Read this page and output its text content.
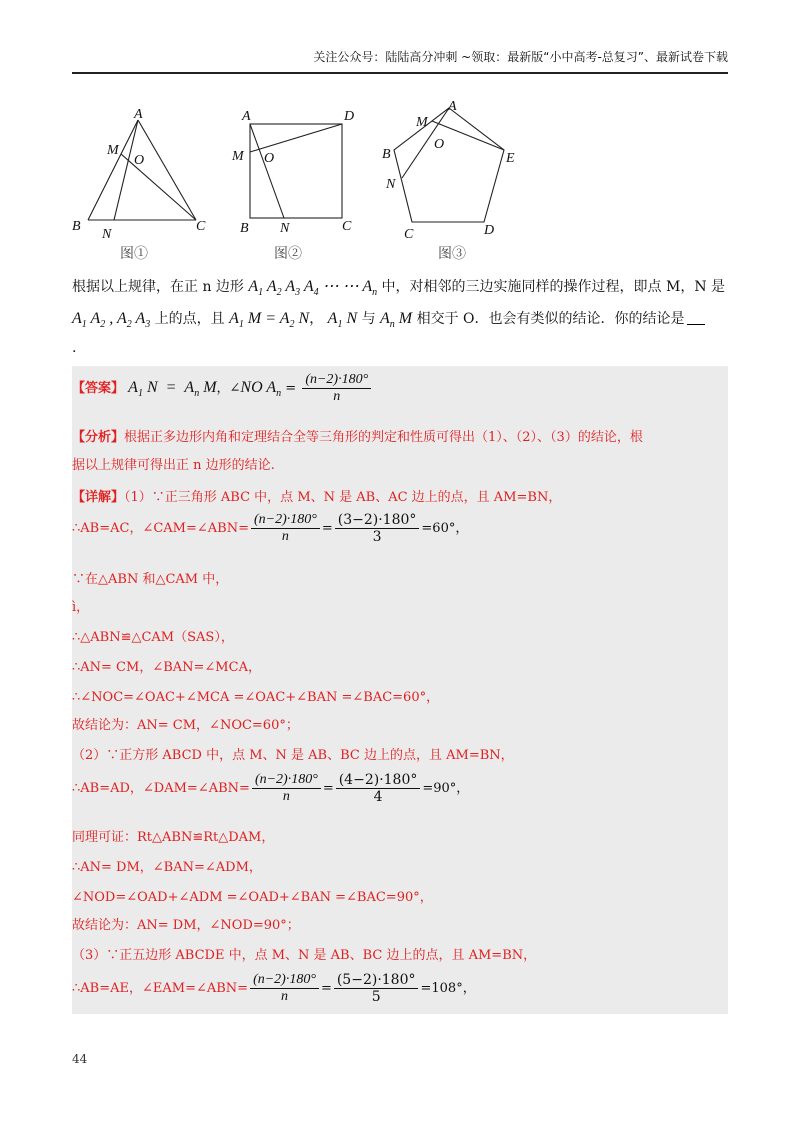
关注公众号：陆陆高分冲刺 ~领取：最新版“小中高考-总复习”、最新试卷下载
A
M
O
B
N
C
图①
A	D
M O
B N	C
图②
A
M
O
B	E
N
C	D
图③
根据以上规律，在正 n 边形 $A_1$ $A_2$ $A_3$ $A_4$ ⋯ ⋯ $A_n$ 中，对相邻的三边实施同样的操作过程，即点 M，N 是
$A_1$ $A_2$ , $A_2$ $A_3$ 上的点，且 $A_1$ $M = A_2$ N， $A_1$ N 与 $A_n$ M 相交于 O．也会有类似的结论．你的结论是
.
【答案】 $A_1$ $N = A_n$ M，∠NO $A_n = \frac{(n-2)\cdot 180^\circ}{n}$
【分析】根据正多边形内角和定理结合全等三角形的判定和性质可得出（1）、（2）、（3）的结论，根
据以上规律可得出正 n 边形的结论.
【详解】（1）∵正三角形 ABC 中，点 M、N 是 AB、AC 边上的点，且 AM=BN，
∴AB=AC，∠CAM=∠ABN= $\frac{(n-2)\cdot 180^\circ}{n} = \frac{(3-2)\cdot 180^\circ}{3} =60^\circ$，
∵在△ABN 和△CAM 中，
ì，
∴△ABN≌△CAM（SAS），
∴AN= CM，∠BAN=∠MCA，
∴∠NOC=∠OAC+∠MCA =∠OAC+∠BAN =∠BAC=60°，
故结论为：AN= CM，∠NOC=60°；
（2）∵正方形 ABCD 中，点 M、N 是 AB、BC 边上的点，且 AM=BN，
∴AB=AD，∠DAM=∠ABN= $\frac{(n-2)\cdot 180^\circ}{n} = \frac{(4-2)\cdot 180^\circ}{4} =90^\circ$，
同理可证：Rt△ABN≌Rt△DAM，
∴AN= DM，∠BAN=∠ADM，
∠NOD=∠OAD+∠ADM =∠OAD+∠BAN =∠BAC=90°，
故结论为：AN= DM，∠NOD=90°；
（3）∵正五边形 ABCDE 中，点 M、N 是 AB、BC 边上的点，且 AM=BN，
∴AB=AE，∠EAM=∠ABN= $\frac{(n-2)\cdot 180^\circ}{n} = \frac{(5-2)\cdot 180^\circ}{5} =108^\circ$，
44
